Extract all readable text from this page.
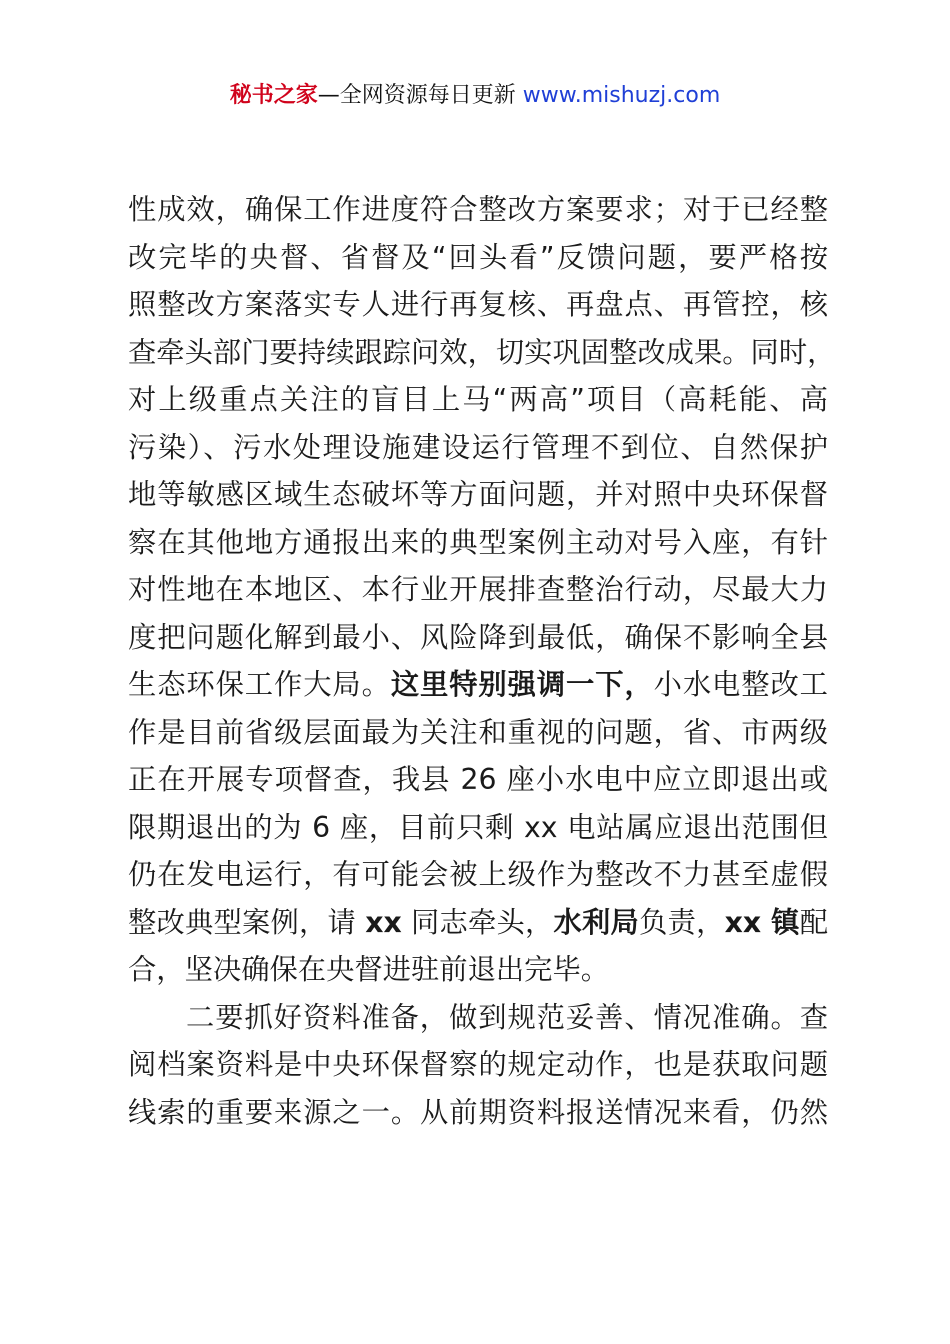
秘书之家—全网资源每日更新 www.mishuzj.com
性成效，确保工作进度符合整改方案要求；对于已经整
改完毕的央督、省督及“回头看”反馈问题，要严格按
照整改方案落实专人进行再复核、再盘点、再管控，核
查牵头部门要持续跟踪问效，切实巩固整改成果。同时，
对上级重点关注的盲目上马“两高”项目（高耗能、高
污染）、污水处理设施建设运行管理不到位、自然保护
地等敏感区域生态破坏等方面问题，并对照中央环保督
察在其他地方通报出来的典型案例主动对号入座，有针
对性地在本地区、本行业开展排查整治行动，尽最大力
度把问题化解到最小、风险降到最低，确保不影响全县
生态环保工作大局。这里特别强调一下，小水电整改工
作是目前省级层面最为关注和重视的问题，省、市两级
正在开展专项督查，我县 26 座小水电中应立即退出或
限期退出的为 6 座，目前只剩 xx 电站属应退出范围但
仍在发电运行，有可能会被上级作为整改不力甚至虚假
整改典型案例，请 xx 同志牵头，水利局负责，xx 镇配
合，坚决确保在央督进驻前退出完毕。
二要抓好资料准备，做到规范妥善、情况准确。查
阅档案资料是中央环保督察的规定动作，也是获取问题
线索的重要来源之一。从前期资料报送情况来看，仍然
